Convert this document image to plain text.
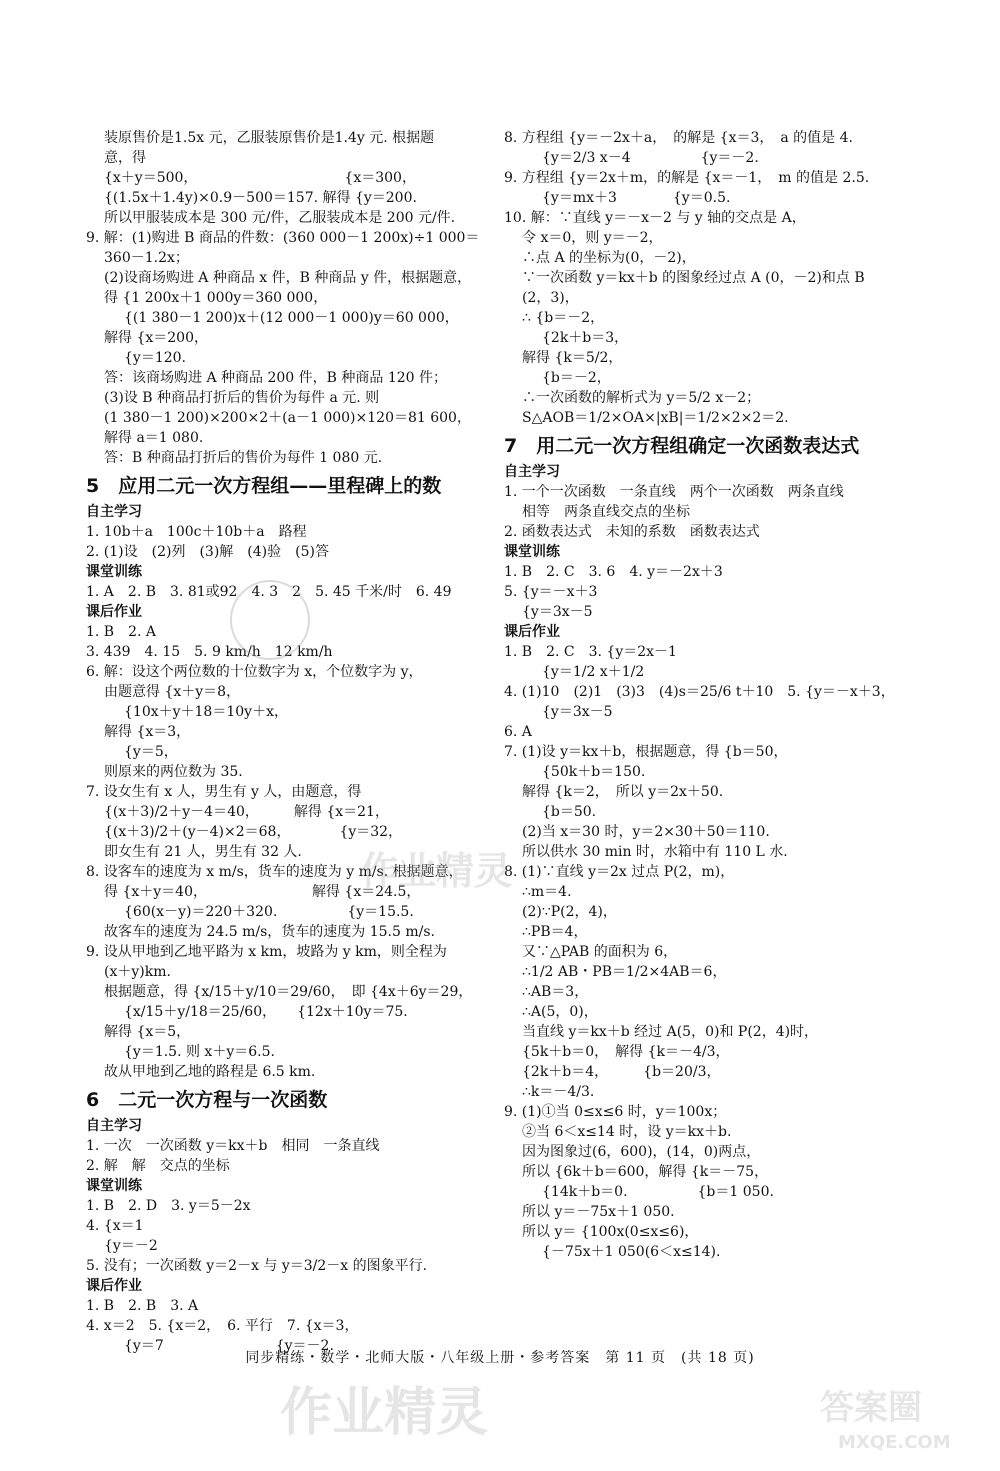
装原售价是1.5x 元，乙服装原售价是1.4y 元. 根据题
意，得
{x＋y＝500，　　　　　　　　　　　{x＝300，
{(1.5x＋1.4y)×0.9－500＝157. 解得 {y＝200.
所以甲服装成本是 300 元/件，乙服装成本是 200 元/件.
9. 解：(1)购进 B 商品的件数：(360 000－1 200x)÷1 000＝
360－1.2x；
(2)设商场购进 A 种商品 x 件，B 种商品 y 件，根据题意，
得 {1 200x＋1 000y＝360 000，
{(1 380－1 200)x＋(12 000－1 000)y＝60 000，
解得 {x＝200，
{y＝120.
答：该商场购进 A 种商品 200 件，B 种商品 120 件；
(3)设 B 种商品打折后的售价为每件 a 元. 则
(1 380－1 200)×200×2＋(a－1 000)×120＝81 600，
解得 a＝1 080.
答：B 种商品打折后的售价为每件 1 080 元.
5　应用二元一次方程组——里程碑上的数
自主学习
1. 10b＋a　100c＋10b＋a　路程
2. (1)设　(2)列　(3)解　(4)验　(5)答
课堂训练
1. A　2. B　3. 81或92　4. 3　2　5. 45 千米/时　6. 49
课后作业
1. B　2. A
3. 439　4. 15　5. 9 km/h　12 km/h
6. 解：设这个两位数的十位数字为 x，个位数字为 y，
由题意得 {x＋y＝8，
{10x＋y＋18＝10y＋x，
解得 {x＝3，
{y＝5，
则原来的两位数为 35.
7. 设女生有 x 人，男生有 y 人，由题意，得
{(x＋3)/2＋y－4＝40，　　　解得 {x＝21，
{(x＋3)/2＋(y－4)×2＝68，　　　　{y＝32，
即女生有 21 人，男生有 32 人.
8. 设客车的速度为 x m/s，货车的速度为 y m/s. 根据题意，
得 {x＋y＝40，　　　　　　　　解得 {x＝24.5，
{60(x－y)＝220＋320.　　　　　{y＝15.5.
故客车的速度为 24.5 m/s，货车的速度为 15.5 m/s.
9. 设从甲地到乙地平路为 x km，坡路为 y km，则全程为
(x＋y)km.
根据题意，得 {x/15＋y/10＝29/60，　即 {4x＋6y＝29，
{x/15＋y/18＝25/60，　　{12x＋10y＝75.
解得 {x＝5，
{y＝1.5. 则 x＋y＝6.5.
故从甲地到乙地的路程是 6.5 km.
6　二元一次方程与一次函数
自主学习
1. 一次　一次函数 y＝kx＋b　相同　一条直线
2. 解　解　交点的坐标
课堂训练
1. B　2. D　3. y＝5－2x
4. {x＝1
{y＝－2
5. 没有；一次函数 y＝2－x 与 y＝3/2－x 的图象平行.
课后作业
1. B　2. B　3. A
4. x＝2　5. {x＝2，　6. 平行　7. {x＝3，
{y＝7　　　　　　　　{y＝－2.
8. 方程组 {y＝－2x＋a，　的解是 {x＝3，　a 的值是 4.
{y＝2/3 x－4　　　　　{y＝－2.
9. 方程组 {y＝2x＋m，的解是 {x＝－1，　m 的值是 2.5.
{y＝mx＋3　　　　{y＝0.5.
10. 解：∵直线 y＝－x－2 与 y 轴的交点是 A，
令 x＝0，则 y＝－2，
∴点 A 的坐标为(0，－2)，
∵一次函数 y＝kx＋b 的图象经过点 A (0，－2)和点 B
(2，3)，
∴ {b＝－2，
{2k＋b＝3，
解得 {k＝5/2，
{b＝－2，
∴一次函数的解析式为 y＝5/2 x－2；
S△AOB＝1/2×OA×|xB|＝1/2×2×2＝2.
7　用二元一次方程组确定一次函数表达式
自主学习
1. 一个一次函数　一条直线　两个一次函数　两条直线
相等　两条直线交点的坐标
2. 函数表达式　未知的系数　函数表达式
课堂训练
1. B　2. C　3. 6　4. y＝－2x＋3
5. {y＝－x＋3
{y＝3x－5
课后作业
1. B　2. C　3. {y＝2x－1
{y＝1/2 x＋1/2
4. (1)10　(2)1　(3)3　(4)s＝25/6 t＋10　5. {y＝－x＋3，
{y＝3x－5
6. A
7. (1)设 y＝kx＋b，根据题意，得 {b＝50，
{50k＋b＝150.
解得 {k＝2，　所以 y＝2x＋50.
{b＝50.
(2)当 x＝30 时，y＝2×30＋50＝110.
所以供水 30 min 时，水箱中有 110 L 水.
8. (1)∵直线 y＝2x 过点 P(2，m)，
∴m＝4.
(2)∵P(2，4)，
∴PB＝4，
又∵△PAB 的面积为 6，
∴1/2 AB・PB＝1/2×4AB＝6，
∴AB＝3，
∴A(5，0)，
当直线 y＝kx＋b 经过 A(5，0)和 P(2，4)时，
{5k＋b＝0，　解得 {k＝－4/3，
{2k＋b＝4，　　　{b＝20/3，
∴k＝－4/3.
9. (1)①当 0≤x≤6 时，y＝100x；
②当 6＜x≤14 时，设 y＝kx＋b.
因为图象过(6，600)，(14，0)两点，
所以 {6k＋b＝600，解得 {k＝－75，
{14k＋b＝0.　　　　　{b＝1 050.
所以 y＝－75x＋1 050.
所以 y＝ {100x(0≤x≤6)，
{－75x＋1 050(6＜x≤14).
作业精灵
作业精灵
答案圈
MXQE.COM
同步精练・数学・北师大版・八年级上册・参考答案　第 11 页　(共 18 页)
